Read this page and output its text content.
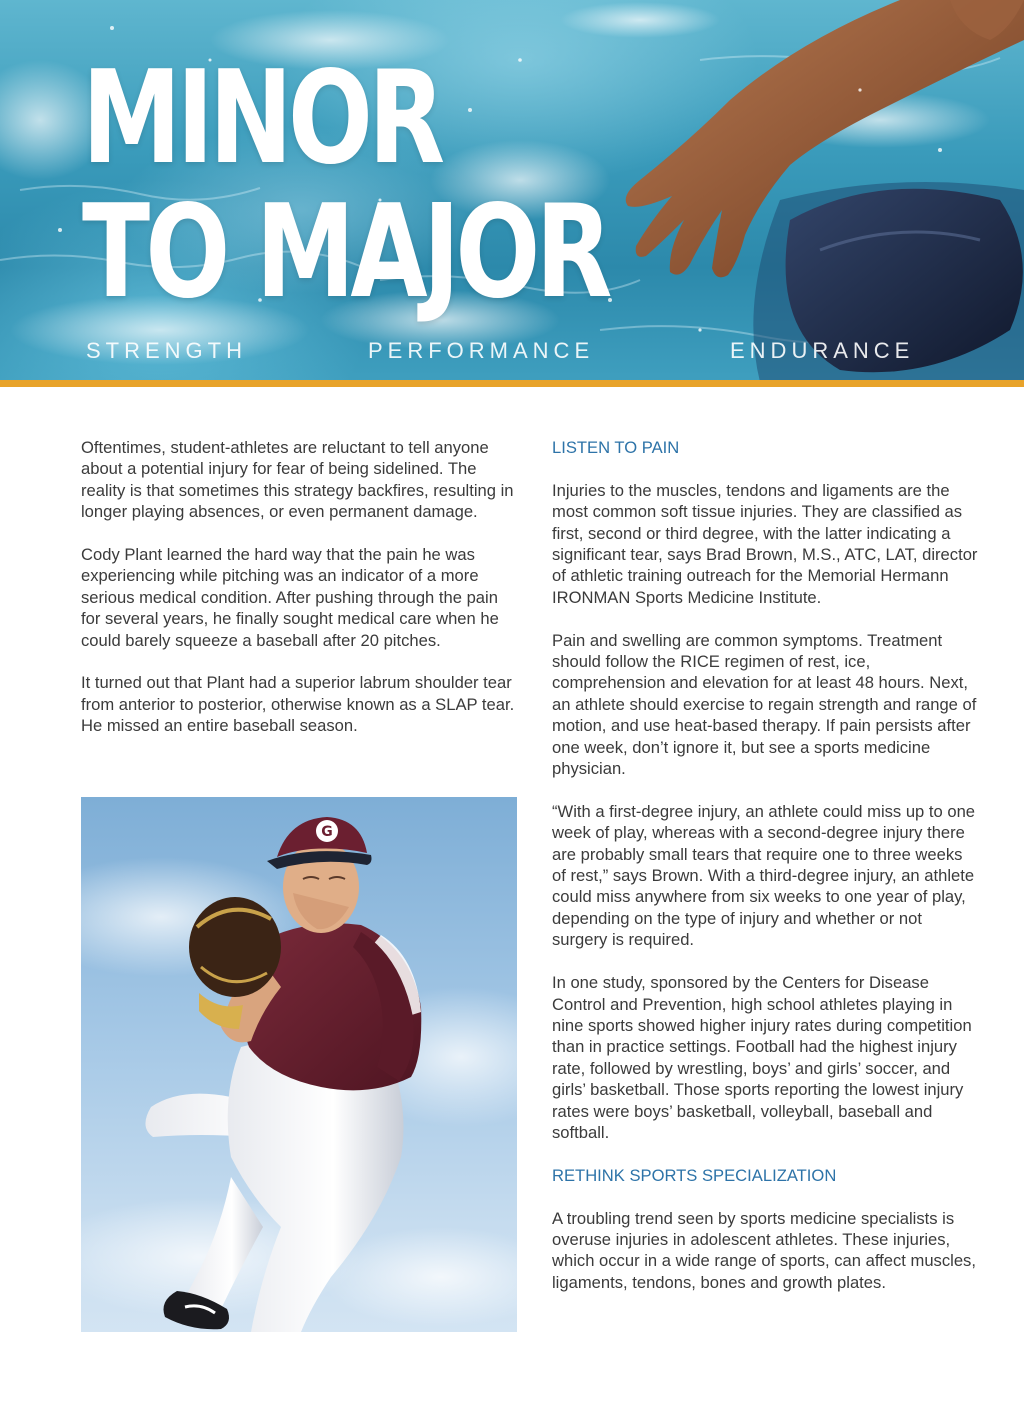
MINOR
TO MAJOR
STRENGTH	PERFORMANCE	ENDURANCE

Oftentimes, student-athletes are reluctant to tell anyone about a potential injury for fear of being sidelined. The reality is that sometimes this strategy backfires, resulting in longer playing absences, or even permanent damage.

Cody Plant learned the hard way that the pain he was experiencing while pitching was an indicator of a more serious medical condition. After pushing through the pain for several years, he finally sought medical care when he could barely squeeze a baseball after 20 pitches.

It turned out that Plant had a superior labrum shoulder tear from anterior to posterior, otherwise known as a SLAP tear. He missed an entire baseball season.

G
LISTEN TO PAIN

Injuries to the muscles, tendons and ligaments are the most common soft tissue injuries. They are classified as first, second or third degree, with the latter indicating a significant tear, says Brad Brown, M.S., ATC, LAT, director of athletic training outreach for the Memorial Hermann IRONMAN Sports Medicine Institute.

Pain and swelling are common symptoms. Treatment should follow the RICE regimen of rest, ice, comprehension and elevation for at least 48 hours. Next, an athlete should exercise to regain strength and range of motion, and use heat-based therapy. If pain persists after one week, don’t ignore it, but see a sports medicine physician.

“With a first-degree injury, an athlete could miss up to one week of play, whereas with a second-degree injury there are probably small tears that require one to three weeks of rest,” says Brown. With a third-degree injury, an athlete could miss anywhere from six weeks to one year of play, depending on the type of injury and whether or not surgery is required.

In one study, sponsored by the Centers for Disease Control and Prevention, high school athletes playing in nine sports showed higher injury rates during competition than in practice settings. Football had the highest injury rate, followed by wrestling, boys’ and girls’ soccer, and girls’ basketball. Those sports reporting the lowest injury rates were boys’ basketball, volleyball, baseball and softball.

RETHINK SPORTS SPECIALIZATION

A troubling trend seen by sports medicine specialists is overuse injuries in adolescent athletes. These injuries, which occur in a wide range of sports, can affect muscles, ligaments, tendons, bones and growth plates.
